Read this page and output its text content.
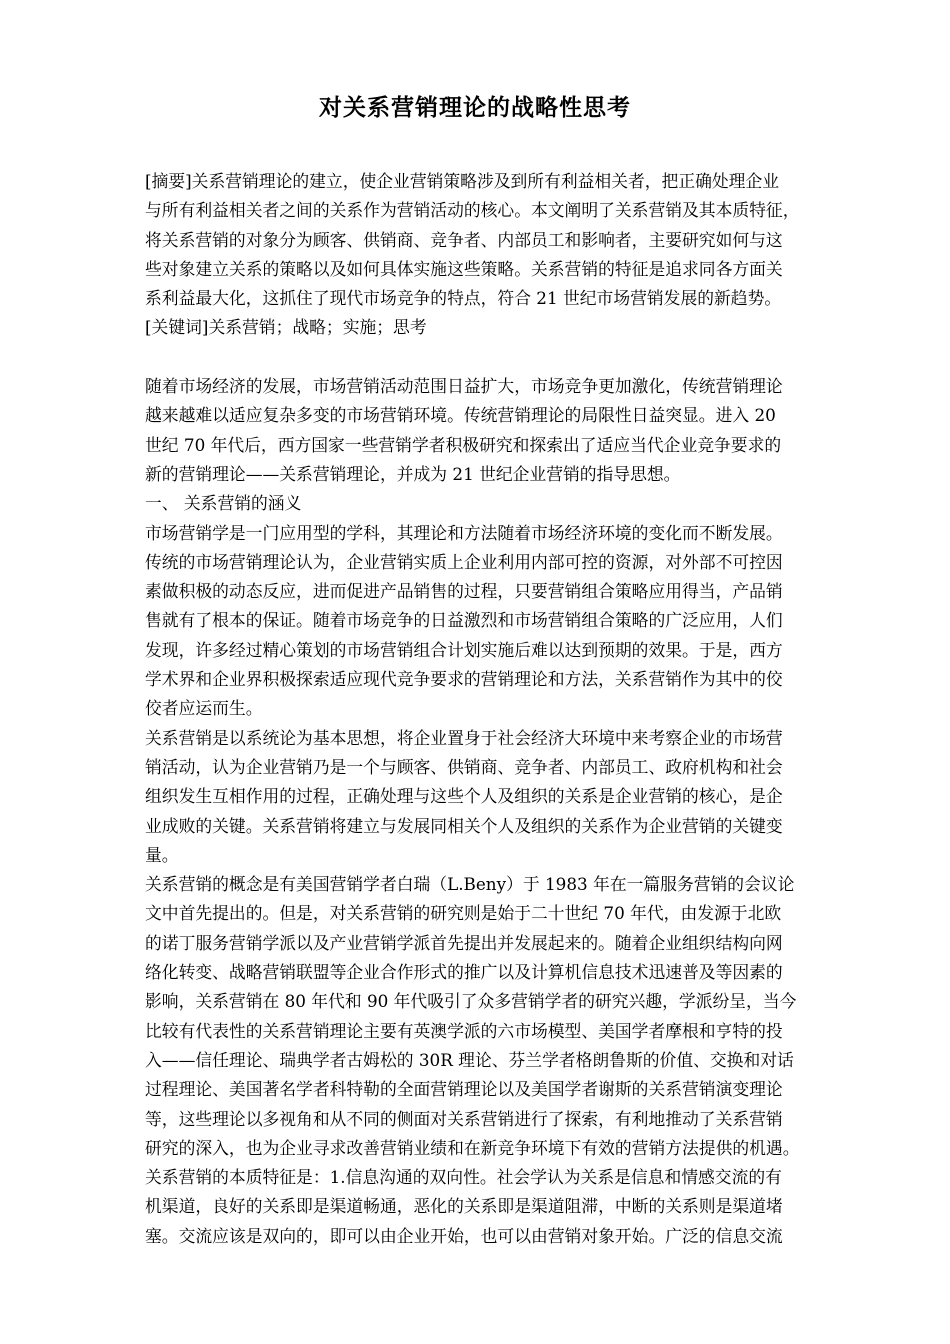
对关系营销理论的战略性思考
[摘要]关系营销理论的建立，使企业营销策略涉及到所有利益相关者，把正确处理企业
与所有利益相关者之间的关系作为营销活动的核心。本文阐明了关系营销及其本质特征，
将关系营销的对象分为顾客、供销商、竞争者、内部员工和影响者，主要研究如何与这
些对象建立关系的策略以及如何具体实施这些策略。关系营销的特征是追求同各方面关
系利益最大化，这抓住了现代市场竞争的特点，符合 21 世纪市场营销发展的新趋势。
[关键词]关系营销；战略；实施；思考
随着市场经济的发展，市场营销活动范围日益扩大，市场竞争更加激化，传统营销理论
越来越难以适应复杂多变的市场营销环境。传统营销理论的局限性日益突显。进入 20
世纪 70 年代后，西方国家一些营销学者积极研究和探索出了适应当代企业竞争要求的
新的营销理论——关系营销理论，并成为 21 世纪企业营销的指导思想。
一、 关系营销的涵义
市场营销学是一门应用型的学科，其理论和方法随着市场经济环境的变化而不断发展。
传统的市场营销理论认为，企业营销实质上企业利用内部可控的资源，对外部不可控因
素做积极的动态反应，进而促进产品销售的过程，只要营销组合策略应用得当，产品销
售就有了根本的保证。随着市场竞争的日益激烈和市场营销组合策略的广泛应用，人们
发现，许多经过精心策划的市场营销组合计划实施后难以达到预期的效果。于是，西方
学术界和企业界积极探索适应现代竞争要求的营销理论和方法，关系营销作为其中的佼
佼者应运而生。
关系营销是以系统论为基本思想，将企业置身于社会经济大环境中来考察企业的市场营
销活动，认为企业营销乃是一个与顾客、供销商、竞争者、内部员工、政府机构和社会
组织发生互相作用的过程，正确处理与这些个人及组织的关系是企业营销的核心，是企
业成败的关键。关系营销将建立与发展同相关个人及组织的关系作为企业营销的关键变
量。
关系营销的概念是有美国营销学者白瑞（L.Beny）于 1983 年在一篇服务营销的会议论
文中首先提出的。但是，对关系营销的研究则是始于二十世纪 70 年代，由发源于北欧
的诺丁服务营销学派以及产业营销学派首先提出并发展起来的。随着企业组织结构向网
络化转变、战略营销联盟等企业合作形式的推广以及计算机信息技术迅速普及等因素的
影响，关系营销在 80 年代和 90 年代吸引了众多营销学者的研究兴趣，学派纷呈，当今
比较有代表性的关系营销理论主要有英澳学派的六市场模型、美国学者摩根和亨特的投
入——信任理论、瑞典学者古姆松的 30R 理论、芬兰学者格朗鲁斯的价值、交换和对话
过程理论、美国著名学者科特勒的全面营销理论以及美国学者谢斯的关系营销演变理论
等，这些理论以多视角和从不同的侧面对关系营销进行了探索，有利地推动了关系营销
研究的深入，也为企业寻求改善营销业绩和在新竞争环境下有效的营销方法提供的机遇。
关系营销的本质特征是：1.信息沟通的双向性。社会学认为关系是信息和情感交流的有
机渠道，良好的关系即是渠道畅通，恶化的关系即是渠道阻滞，中断的关系则是渠道堵
塞。交流应该是双向的，即可以由企业开始，也可以由营销对象开始。广泛的信息交流
